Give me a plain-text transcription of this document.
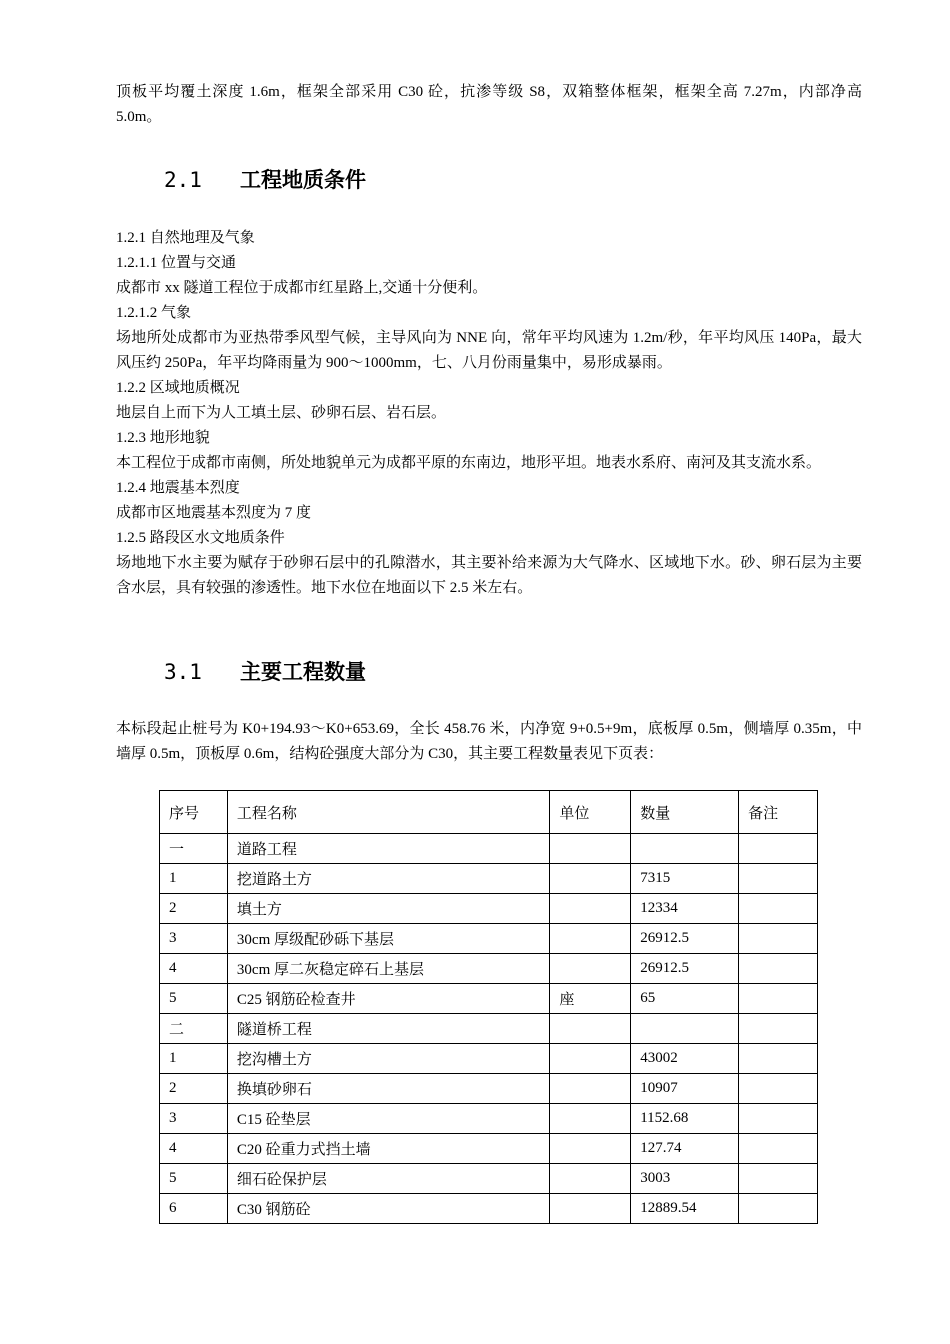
顶板平均覆土深度 1.6m，框架全部采用 C30 砼，抗渗等级 S8，双箱整体框架，框架全高 7.27m，内部净高 5.0m。
2.1 工程地质条件
1.2.1 自然地理及气象
1.2.1.1 位置与交通
成都市 xx 隧道工程位于成都市红星路上,交通十分便利。
1.2.1.2 气象
场地所处成都市为亚热带季风型气候，主导风向为 NNE 向，常年平均风速为 1.2m/秒，年平均风压 140Pa，最大风压约 250Pa，年平均降雨量为 900～1000mm，七、八月份雨量集中，易形成暴雨。
1.2.2 区域地质概况
地层自上而下为人工填土层、砂卵石层、岩石层。
1.2.3 地形地貌
本工程位于成都市南侧，所处地貌单元为成都平原的东南边，地形平坦。地表水系府、南河及其支流水系。
1.2.4 地震基本烈度
成都市区地震基本烈度为 7 度
1.2.5 路段区水文地质条件
场地地下水主要为赋存于砂卵石层中的孔隙潜水，其主要补给来源为大气降水、区域地下水。砂、卵石层为主要含水层，具有较强的渗透性。地下水位在地面以下 2.5 米左右。
3.1 主要工程数量
本标段起止桩号为 K0+194.93～K0+653.69，全长 458.76 米，内净宽 9+0.5+9m，底板厚 0.5m，侧墙厚 0.35m，中墙厚 0.5m，顶板厚 0.6m，结构砼强度大部分为 C30，其主要工程数量表见下页表：
序号	工程名称	单位	数量	备注
一	道路工程			
1	挖道路土方		7315	
2	填土方		12334	
3	30cm 厚级配砂砾下基层		26912.5	
4	30cm 厚二灰稳定碎石上基层		26912.5	
5	C25 钢筋砼检查井	座	65	
二	隧道桥工程			
1	挖沟槽土方		43002	
2	换填砂卵石		10907	
3	C15 砼垫层		1152.68	
4	C20 砼重力式挡土墙		127.74	
5	细石砼保护层		3003	
6	C30 钢筋砼		12889.54	
